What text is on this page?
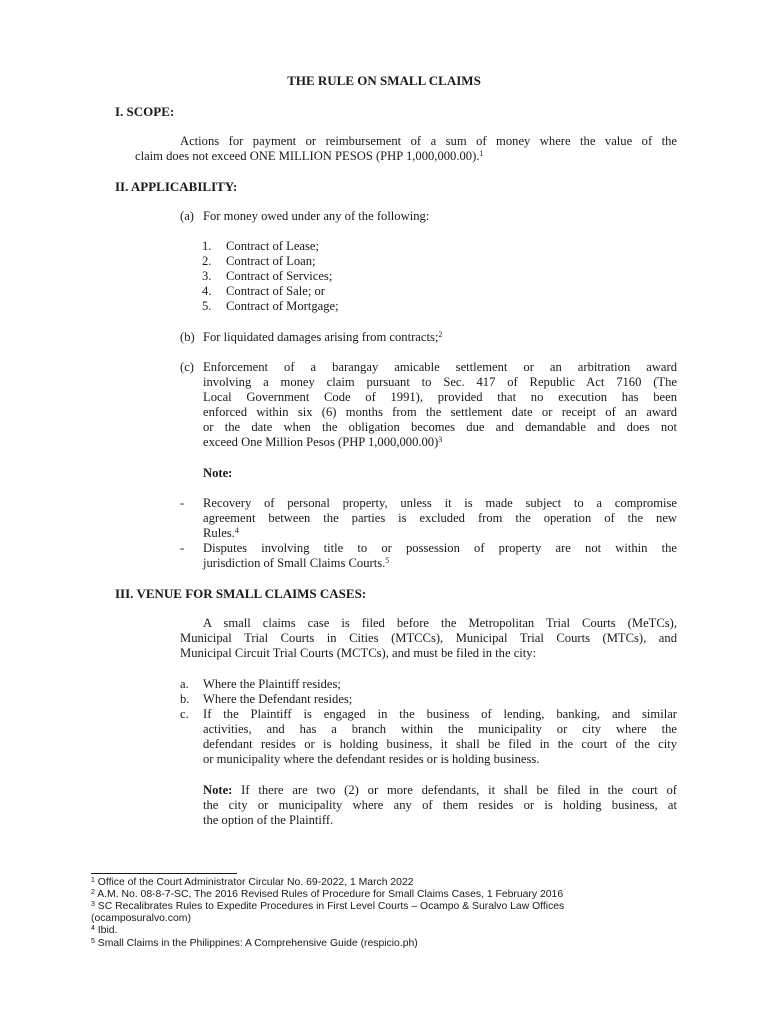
THE RULE ON SMALL CLAIMS
I. SCOPE:
Actions for payment or reimbursement of a sum of money where the value of the
claim does not exceed ONE MILLION PESOS (PHP 1,000,000.00).$^1$
II. APPLICABILITY:
(a) For money owed under any of the following:
1. Contract of Lease;
2. Contract of Loan;
3. Contract of Services;
4. Contract of Sale; or
5. Contract of Mortgage;
(b) For liquidated damages arising from contracts;$^2$
(c) Enforcement of a barangay amicable settlement or an arbitration award
involving a money claim pursuant to Sec. 417 of Republic Act 7160 (The
Local Government Code of 1991), provided that no execution has been
enforced within six (6) months from the settlement date or receipt of an award
or the date when the obligation becomes due and demandable and does not
exceed One Million Pesos (PHP 1,000,000.00)$^3$
Note:
- Recovery of personal property, unless it is made subject to a compromise
agreement between the parties is excluded from the operation of the new
Rules.$^4$
- Disputes involving title to or possession of property are not within the
jurisdiction of Small Claims Courts.$^5$
III. VENUE FOR SMALL CLAIMS CASES:
A small claims case is filed before the Metropolitan Trial Courts (MeTCs),
Municipal Trial Courts in Cities (MTCCs), Municipal Trial Courts (MTCs), and
Municipal Circuit Trial Courts (MCTCs), and must be filed in the city:
a. Where the Plaintiff resides;
b. Where the Defendant resides;
c. If the Plaintiff is engaged in the business of lending, banking, and similar
activities, and has a branch within the municipality or city where the
defendant resides or is holding business, it shall be filed in the court of the city
or municipality where the defendant resides or is holding business.
Note: If there are two (2) or more defendants, it shall be filed in the court of
the city or municipality where any of them resides or is holding business, at
the option of the Plaintiff.
$^1$ Office of the Court Administrator Circular No. 69-2022, 1 March 2022
$^2$ A.M. No. 08-8-7-SC, The 2016 Revised Rules of Procedure for Small Claims Cases, 1 February 2016
$^3$ SC Recalibrates Rules to Expedite Procedures in First Level Courts – Ocampo & Suralvo Law Offices
(ocamposuralvo.com)
$^4$ Ibid.
$^5$ Small Claims in the Philippines: A Comprehensive Guide (respicio.ph)
